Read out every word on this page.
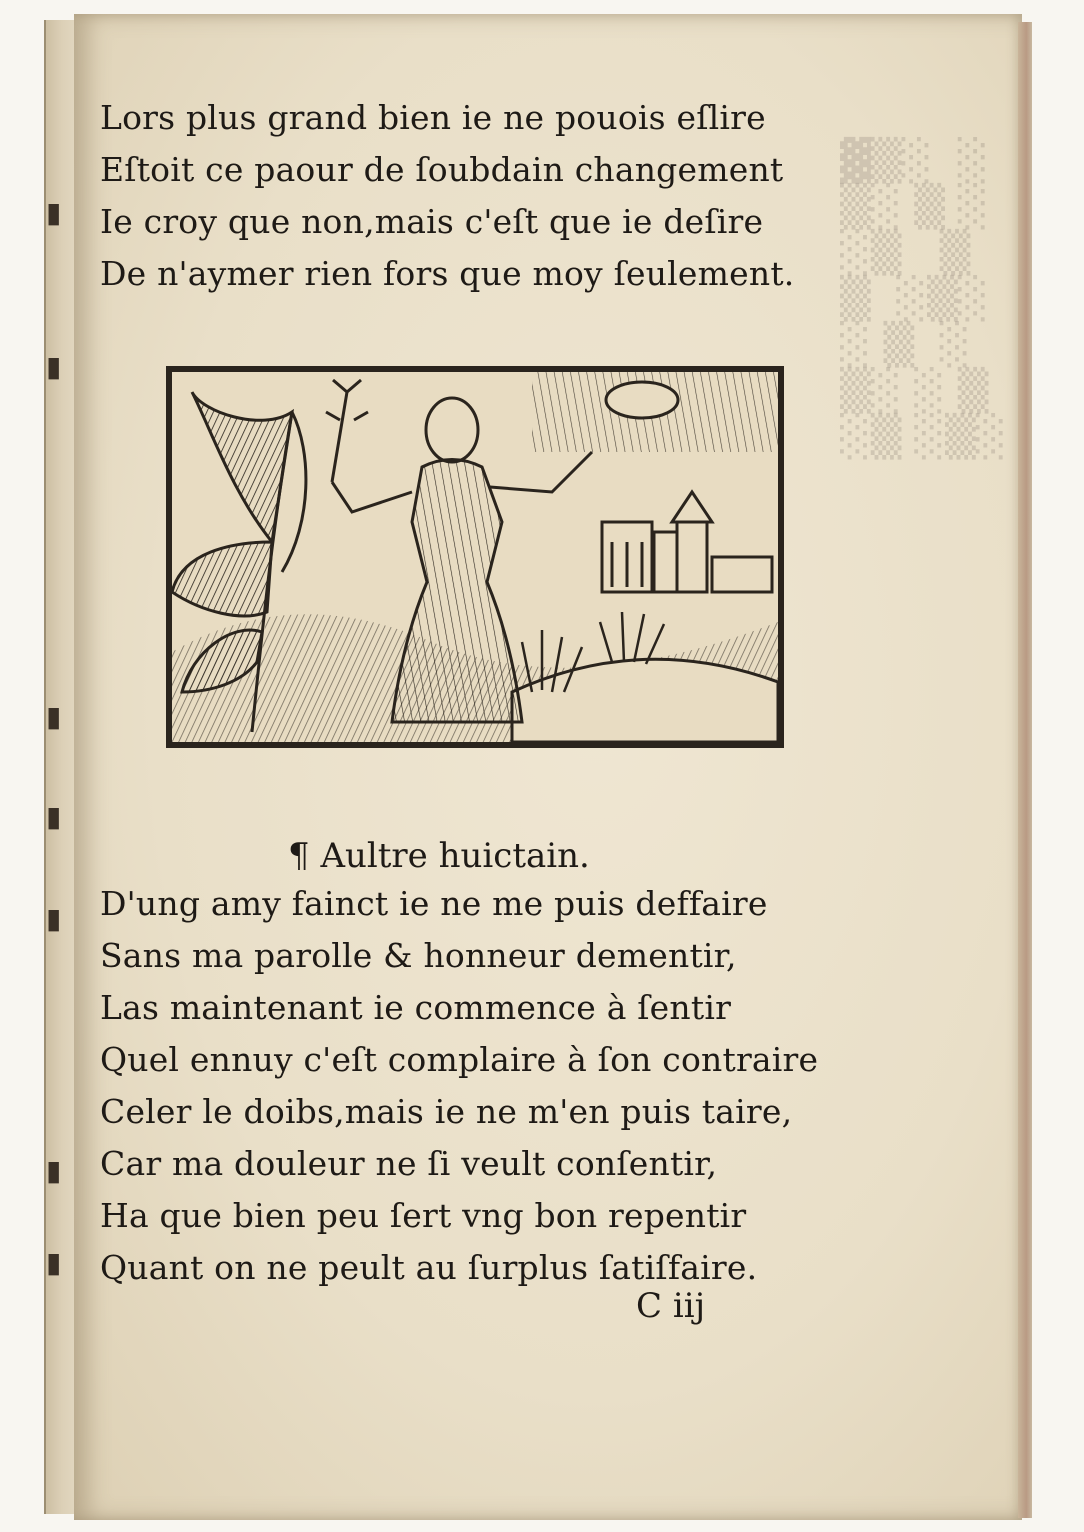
▮
▮
▮
▮
▮
▮
▮
Lors plus grand bien ie ne pouois eſlire
Eſtoit ce paour de ſoubdain changement
Ie croy que non,mais c'eſt que ie deſire
De n'aymer rien fors que moy ſeulement.
¶ Aultre huictain.
D'ung amy fainct ie ne me puis deffaire
Sans ma parolle & honneur dementir,
Las maintenant ie commence à ſentir
Quel ennuy c'eſt complaire à ſon contraire
Celer le doibs,mais ie ne m'en puis taire,
Car ma douleur ne ſi veult conſentir,
Ha que bien peu ſert vng bon repentir
Quant on ne peult au ſurplus ſatiſfaire.
C iij
